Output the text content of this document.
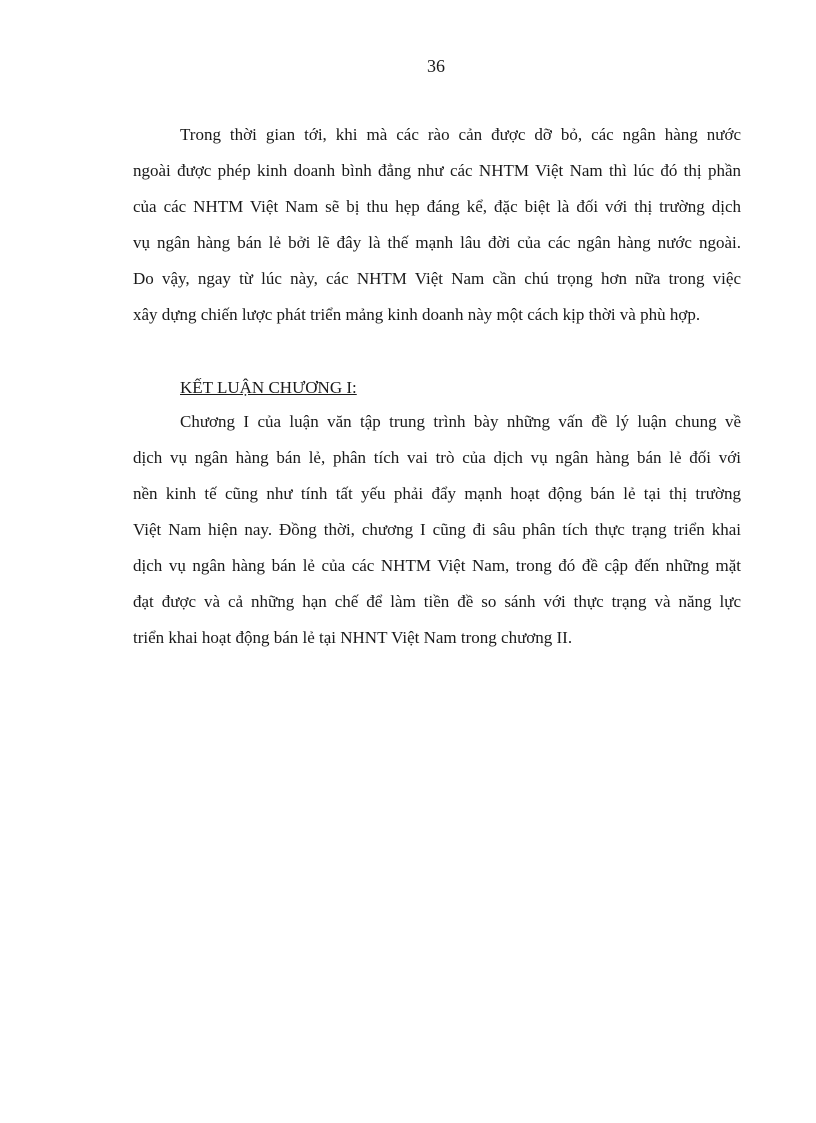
36
Trong thời gian tới, khi mà các rào cản được dỡ bỏ, các ngân hàng nước
ngoài được phép kinh doanh bình đẳng như các NHTM Việt Nam thì lúc đó thị phần
của các NHTM Việt Nam sẽ bị thu hẹp đáng kể, đặc biệt là đối với thị trường dịch
vụ ngân hàng bán lẻ bởi lẽ đây là thế mạnh lâu đời của các ngân hàng nước ngoài.
Do vậy, ngay từ lúc này, các NHTM Việt Nam cần chú trọng hơn nữa trong việc
xây dựng chiến lược phát triển mảng kinh doanh này một cách kịp thời và phù hợp.
KẾT LUẬN CHƯƠNG I:
Chương I của luận văn tập trung trình bày những vấn đề lý luận chung về
dịch vụ ngân hàng bán lẻ, phân tích vai trò của dịch vụ ngân hàng bán lẻ đối với
nền kinh tế cũng như tính tất yếu phải đẩy mạnh hoạt động bán lẻ tại thị trường
Việt Nam hiện nay. Đồng thời, chương I cũng đi sâu phân tích thực trạng triển khai
dịch vụ ngân hàng bán lẻ của các NHTM Việt Nam, trong đó đề cập đến những mặt
đạt được và cả những hạn chế để làm tiền đề so sánh với thực trạng và năng lực
triển khai hoạt động bán lẻ tại NHNT Việt Nam trong chương II.
